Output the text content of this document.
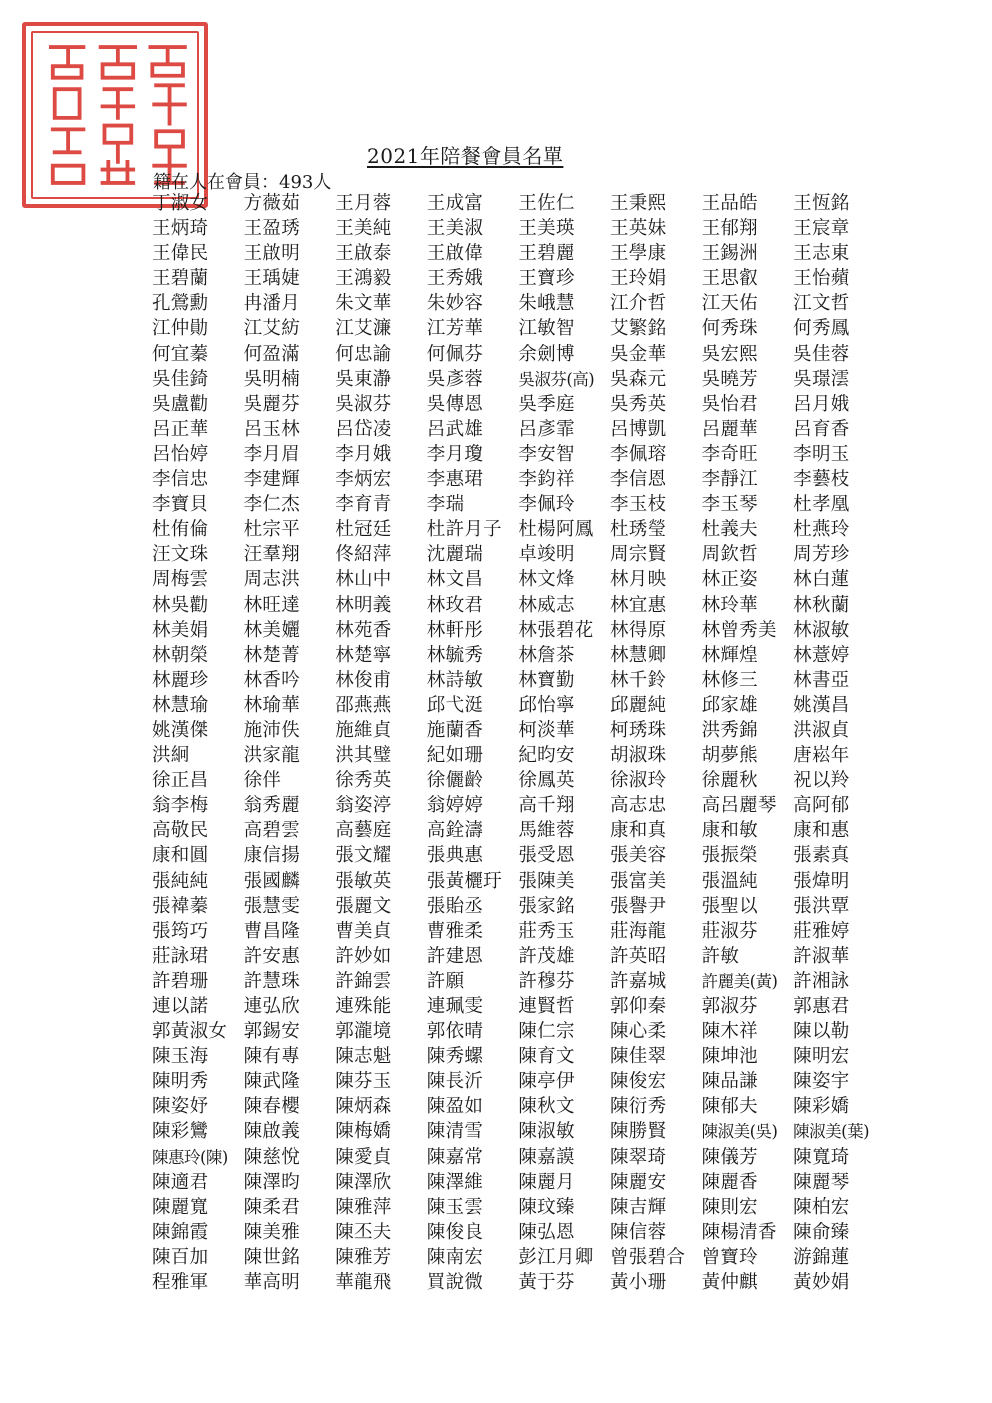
2021年陪餐會員名單
籍在人在會員：493人
丁淑女	方薇茹	王月蓉	王成富	王佐仁	王秉熙	王品皓	王恆銘
王炳琦	王盈琇	王美純	王美淑	王美瑛	王英妹	王郁翔	王宸章
王偉民	王啟明	王啟泰	王啟偉	王碧麗	王學康	王錫洲	王志東
王碧蘭	王瑀婕	王鴻毅	王秀娥	王寶珍	王玲娟	王思叡	王怡蘋
孔鶯勳	冉潘月	朱文華	朱妙容	朱峨慧	江介哲	江天佑	江文哲
江仲勛	江艾紡	江艾濂	江芳華	江敏智	艾繁銘	何秀珠	何秀鳳
何宜蓁	何盈滿	何忠諭	何佩芬	余劍博	吳金華	吳宏熙	吳佳蓉
吳佳錡	吳明楠	吳東瀞	吳彥蓉	吳淑芬(高) 吳森元	吳曉芳	吳璟澐
吳盧勸	吳麗芬	吳淑芬	吳傳恩	吳季庭	吳秀英	吳怡君	呂月娥
呂正華	呂玉林	呂岱凌	呂武雄	呂彥霏	呂博凱	呂麗華	呂育香
呂怡婷	李月眉	李月娥	李月瓊	李安智	李佩瑢	李奇旺	李明玉
李信忠	李建輝	李炳宏	李惠珺	李鈞祥	李信恩	李靜江	李藝枝
李寶貝	李仁杰	李育青	李瑞	李佩玲	李玉枝	李玉琴	杜孝凰
杜侑倫	杜宗平	杜冠廷	杜許月子 杜楊阿鳳 杜琇瑩	杜義夫	杜燕玲
汪文珠	汪羣翔	佟紹萍	沈麗瑞	卓竣明	周宗賢	周欽哲	周芳珍
周梅雲	周志洪	林山中	林文昌	林文烽	林月映	林正姿	林白蓮
林吳勸	林旺達	林明義	林玫君	林威志	林宜惠	林玲華	林秋蘭
林美娟	林美孋	林苑香	林軒彤	林張碧花 林得原	林曾秀美 林淑敏
林朝榮	林楚菁	林楚寧	林毓秀	林詹茶	林慧卿	林輝煌	林薏婷
林麗珍	林香吟	林俊甫	林詩敏	林寶勤	林千鈴	林修三	林書亞
林慧瑜	林瑜華	邵燕燕	邱弋涏	邱怡寧	邱麗純	邱家雄	姚漢昌
姚漢傑	施沛佚	施維貞	施蘭香	柯淡華	柯琇珠	洪秀錦	洪淑貞
洪絅	洪家龍	洪其璧	紀如珊	紀昀安	胡淑珠	胡夢熊	唐崧年
徐正昌	徐伴	徐秀英	徐儷齡	徐鳳英	徐淑玲	徐麗秋	祝以羚
翁李梅	翁秀麗	翁姿渟	翁婷婷	高千翔	高志忠	高呂麗琴 高阿郁
高敬民	高碧雲	高藝庭	高銓濤	馬維蓉	康和真	康和敏	康和惠
康和圓	康信揚	張文耀	張典惠	張受恩	張美容	張振榮	張素真
張純純	張國麟	張敏英	張黃欐玗 張陳美	張富美	張溫純	張煒明
張褘蓁	張慧雯	張麗文	張貽丞	張家銘	張譽尹	張聖以	張洪覃
張筠巧	曹昌隆	曹美貞	曹雅柔	莊秀玉	莊海龍	莊淑芬	莊雅婷
莊詠珺	許安惠	許妙如	許建恩	許茂雄	許英昭	許敏	許淑華
許碧珊	許慧珠	許錦雲	許願	許穆芬	許嘉城	許麗美(黃) 許湘詠
連以諾	連弘欣	連殊能	連珮雯	連賢哲	郭仰秦	郭淑芬	郭惠君
郭黃淑女 郭錫安	郭瀧境	郭依晴	陳仁宗	陳心柔	陳木祥	陳以勒
陳玉海	陳有專	陳志魁	陳秀螺	陳育文	陳佳翠	陳坤池	陳明宏
陳明秀	陳武隆	陳芬玉	陳長沂	陳亭伊	陳俊宏	陳品謙	陳姿宇
陳姿妤	陳春櫻	陳炳森	陳盈如	陳秋文	陳衍秀	陳郁夫	陳彩嬌
陳彩鸞	陳啟義	陳梅嬌	陳清雪	陳淑敏	陳勝賢	陳淑美(吳) 陳淑美(葉)
陳惠玲(陳) 陳慈悅	陳愛貞	陳嘉常	陳嘉謨	陳翠琦	陳儀芳	陳寬琦
陳適君	陳澤昀	陳澤欣	陳澤維	陳麗月	陳麗安	陳麗香	陳麗琴
陳麗寬	陳柔君	陳雅萍	陳玉雲	陳玟臻	陳吉輝	陳則宏	陳柏宏
陳錦霞	陳美雅	陳丕夫	陳俊良	陳弘恩	陳信蓉	陳楊清香 陳俞臻
陳百加	陳世銘	陳雅芳	陳南宏	彭江月卿 曾張碧合 曾寶玲	游錦蓮
程雅軍	華高明	華龍飛	買說微	黃于芬	黃小珊	黃仲麒	黃妙娟
